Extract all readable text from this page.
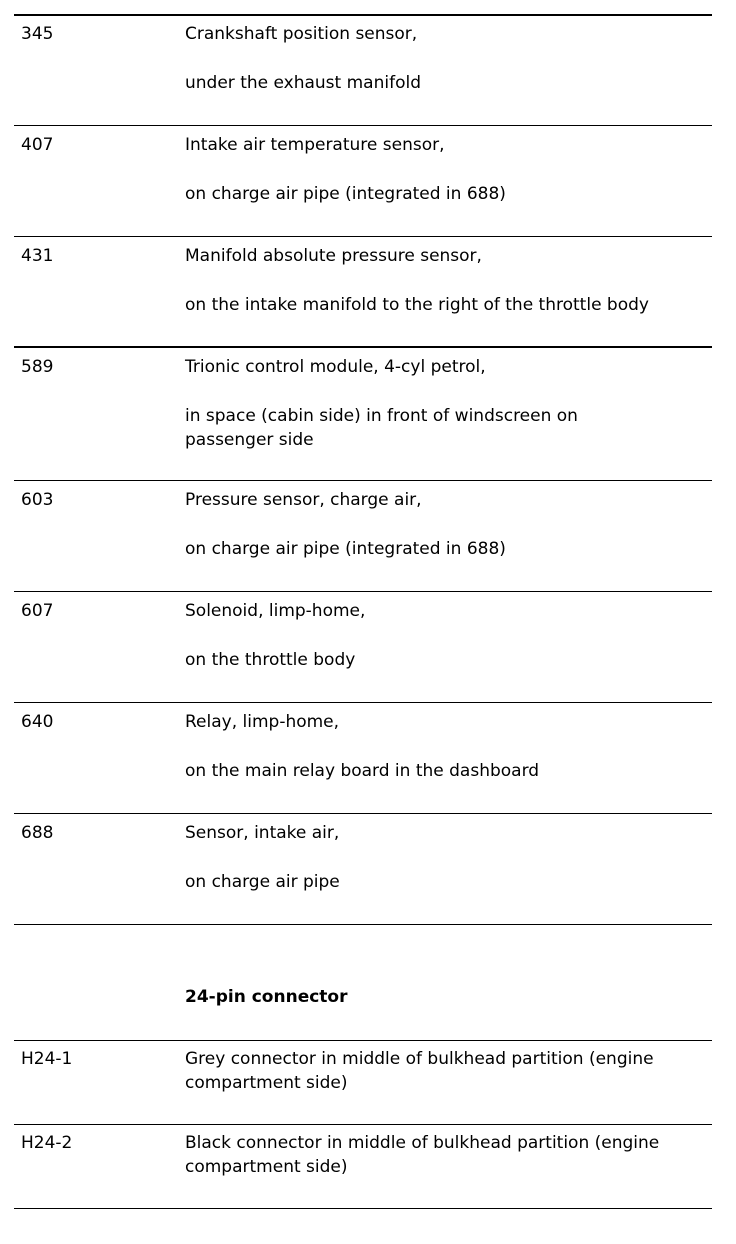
345	Crankshaft position sensor,

under the exhaust manifold

407	Intake air temperature sensor,

on charge air pipe (integrated in 688)

431	Manifold absolute pressure sensor,

on the intake manifold to the right of the throttle body

589	Trionic control module, 4-cyl petrol,

in space (cabin side) in front of windscreen on passenger side

603	Pressure sensor, charge air,

on charge air pipe (integrated in 688)

607	Solenoid, limp-home,

on the throttle body

640	Relay, limp-home,

on the main relay board in the dashboard

688	Sensor, intake air,

on charge air pipe

24-pin connector
H24-1	Grey connector in middle of bulkhead partition (engine compartment side)
H24-2	Black connector in middle of bulkhead partition (engine compartment side)
